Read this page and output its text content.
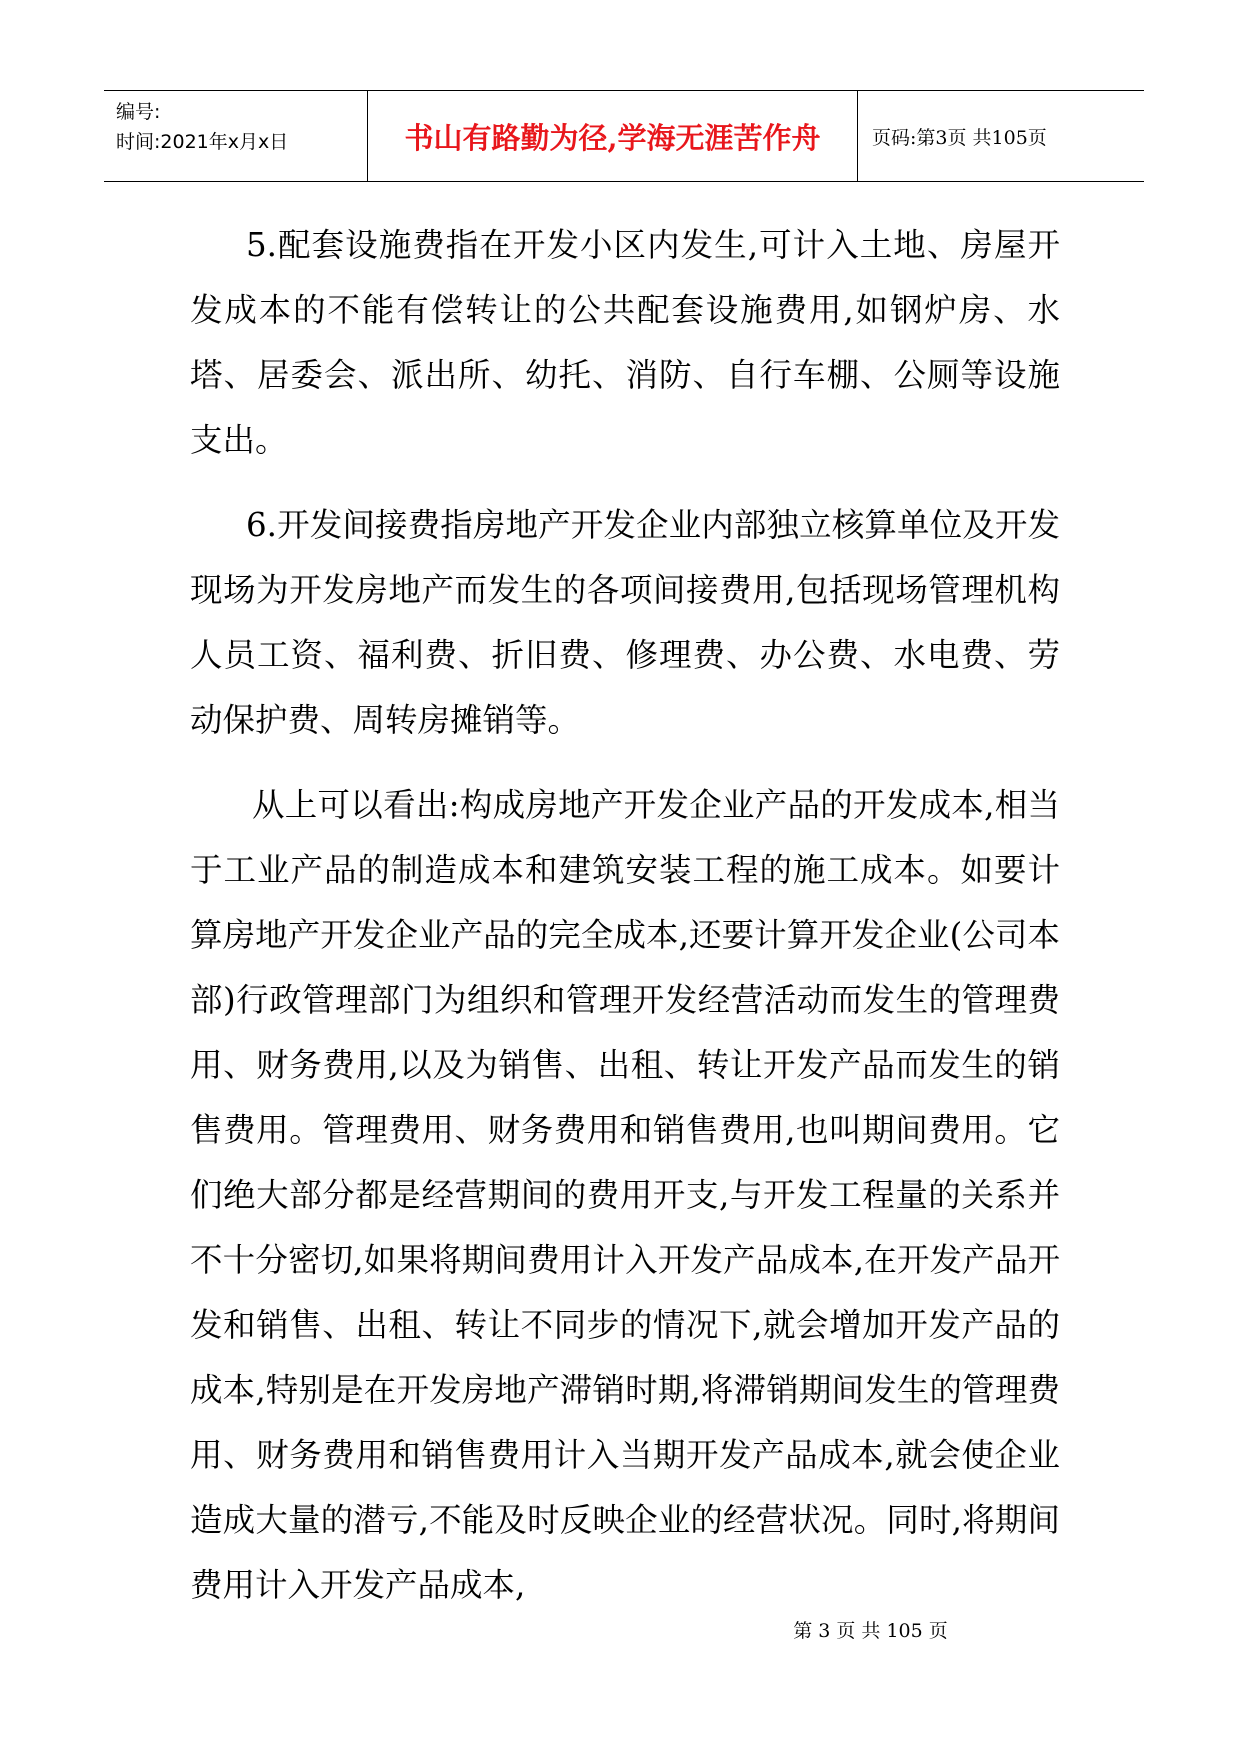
编号:
时间:2021年x月x日	书山有路勤为径,学海无涯苦作舟	页码:第3页 共105页

5.配套设施费指在开发小区内发生,可计入土地、房屋开发成本的不能有偿转让的公共配套设施费用,如钢炉房、水塔、居委会、派出所、幼托、消防、自行车棚、公厕等设施支出。

6.开发间接费指房地产开发企业内部独立核算单位及开发现场为开发房地产而发生的各项间接费用,包括现场管理机构人员工资、福利费、折旧费、修理费、办公费、水电费、劳动保护费、周转房摊销等。

从上可以看出:构成房地产开发企业产品的开发成本,相当于工业产品的制造成本和建筑安装工程的施工成本。如要计算房地产开发企业产品的完全成本,还要计算开发企业(公司本部)行政管理部门为组织和管理开发经营活动而发生的管理费用、财务费用,以及为销售、出租、转让开发产品而发生的销售费用。管理费用、财务费用和销售费用,也叫期间费用。它们绝大部分都是经营期间的费用开支,与开发工程量的关系并不十分密切,如果将期间费用计入开发产品成本,在开发产品开发和销售、出租、转让不同步的情况下,就会增加开发产品的成本,特别是在开发房地产滞销时期,将滞销期间发生的管理费用、财务费用和销售费用计入当期开发产品成本,就会使企业造成大量的潜亏,不能及时反映企业的经营状况。同时,将期间费用计入开发产品成本,

第 3 页 共 105 页
